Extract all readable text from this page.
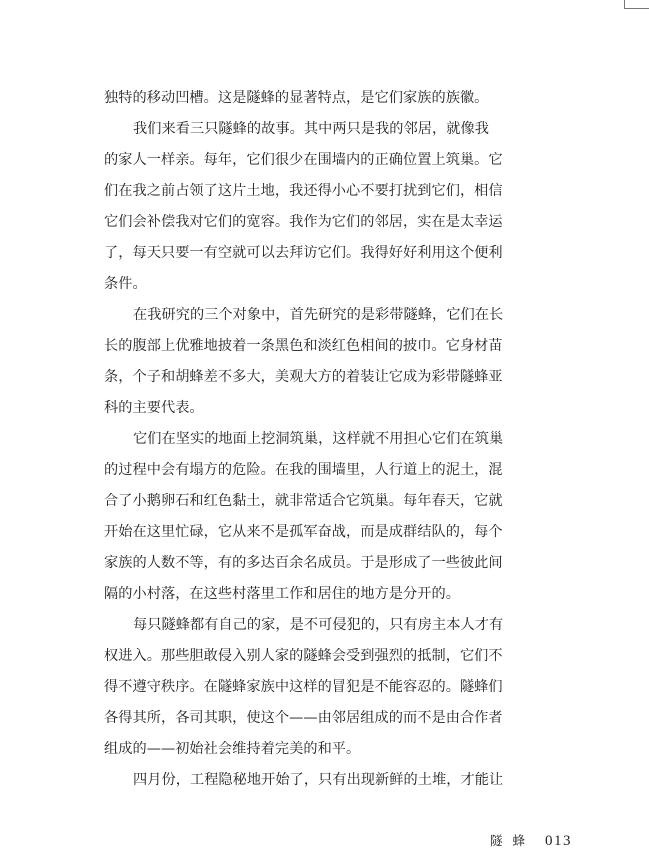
独特的移动凹槽。这是隧蜂的显著特点，是它们家族的族徽。
我们来看三只隧蜂的故事。其中两只是我的邻居，就像我
的家人一样亲。每年，它们很少在围墙内的正确位置上筑巢。它
们在我之前占领了这片土地，我还得小心不要打扰到它们，相信
它们会补偿我对它们的宽容。我作为它们的邻居，实在是太幸运
了，每天只要一有空就可以去拜访它们。我得好好利用这个便利
条件。
在我研究的三个对象中，首先研究的是彩带隧蜂，它们在长
长的腹部上优雅地披着一条黑色和淡红色相间的披巾。它身材苗
条，个子和胡蜂差不多大，美观大方的着装让它成为彩带隧蜂亚
科的主要代表。
它们在坚实的地面上挖洞筑巢，这样就不用担心它们在筑巢
的过程中会有塌方的危险。在我的围墙里，人行道上的泥土，混
合了小鹅卵石和红色黏土，就非常适合它筑巢。每年春天，它就
开始在这里忙碌，它从来不是孤军奋战，而是成群结队的，每个
家族的人数不等，有的多达百余名成员。于是形成了一些彼此间
隔的小村落，在这些村落里工作和居住的地方是分开的。
每只隧蜂都有自己的家，是不可侵犯的，只有房主本人才有
权进入。那些胆敢侵入别人家的隧蜂会受到强烈的抵制，它们不
得不遵守秩序。在隧蜂家族中这样的冒犯是不能容忍的。隧蜂们
各得其所，各司其职，使这个——由邻居组成的而不是由合作者
组成的——初始社会维持着完美的和平。
四月份，工程隐秘地开始了，只有出现新鲜的土堆，才能让
隧蜂 013
